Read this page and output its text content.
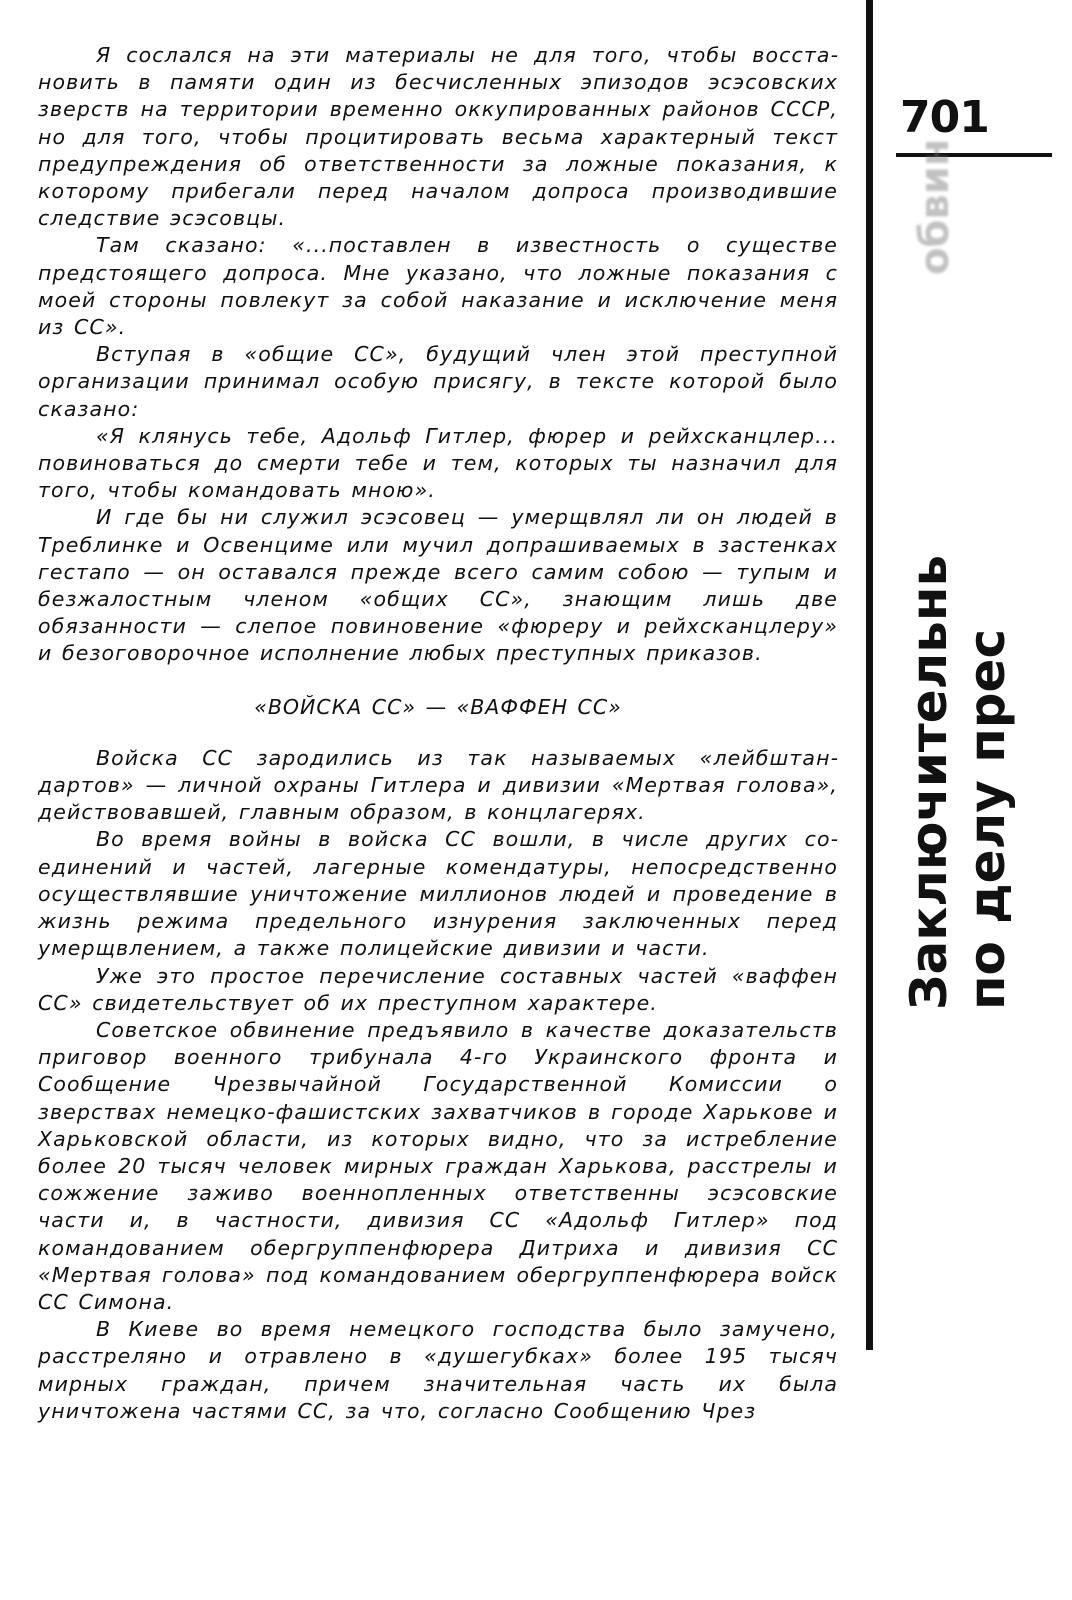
Я сослался на эти материалы не для того, чтобы восстановить в памяти один из бесчисленных эпизодов эсэсовских зверств на территории временно оккупированных районов СССР, но для того, чтобы процитировать весьма характерный текст предупреждения об ответственности за ложные показания, к которому прибегали перед началом допроса производившие следствие эсэсовцы.

Там сказано: «...поставлен в известность о существе предстоящего допроса. Мне указано, что ложные показания с моей стороны повлекут за собой наказание и исключение меня из СС».

Вступая в «общие СС», будущий член этой преступной организации принимал особую присягу, в тексте которой было сказано:

«Я клянусь тебе, Адольф Гитлер, фюрер и рейхсканцлер... повиноваться до смерти тебе и тем, которых ты назначил для того, чтобы командовать мною».

И где бы ни служил эсэсовец — умерщвлял ли он людей в Треблинке и Освенциме или мучил допрашиваемых в застенках гестапо — он оставался прежде всего самим собою — тупым и безжалостным членом «общих СС», знающим лишь две обязанности — слепое повиновение «фюреру и рейхсканцлеру» и безоговорочное исполнение любых преступных приказов.

«ВОЙСКА СС» — «ВАФФЕН СС»

Войска СС зародились из так называемых «лейбштандартов» — личной охраны Гитлера и дивизии «Мертвая голова», действовавшей, главным образом, в концлагерях.

Во время войны в войска СС вошли, в числе других соединений и частей, лагерные комендатуры, непосредственно осуществлявшие уничтожение миллионов людей и проведение в жизнь режима предельного изнурения заключенных перед умерщвлением, а также полицейские дивизии и части.

Уже это простое перечисление составных частей «ваффен СС» свидетельствует об их преступном характере.

Советское обвинение предъявило в качестве доказательств приговор военного трибунала 4-го Украинского фронта и Сообщение Чрезвычайной Государственной Комиссии о зверствах немецко-фашистских захватчиков в городе Харькове и Харьковской области, из которых видно, что за истребление более 20 тысяч человек мирных граждан Харькова, расстрелы и сожжение заживо военнопленных ответственны эсэсовские части и, в частности, дивизия СС «Адольф Гитлер» под командованием обергруппенфюрера Дитриха и дивизия СС «Мертвая голова» под командованием обергруппенфюрера войск СС Симона.

В Киеве во время немецкого господства было замучено, расстреляно и отравлено в «душегубках» более 195 тысяч мирных граждан, причем значительная часть их была уничтожена частями СС, за что, согласно Сообщению Чрез

701
обвин
Заключительнь по делу прес
